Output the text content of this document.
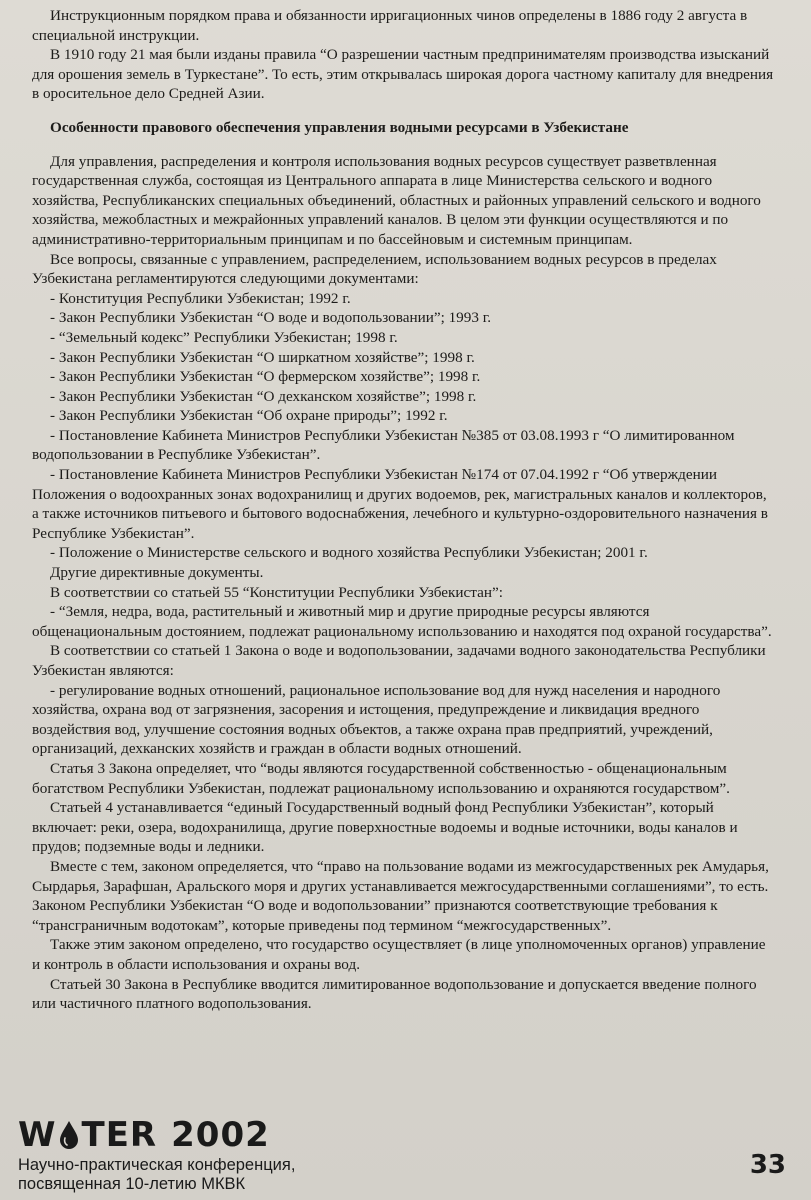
Инструкционным порядком права и обязанности ирригационных чинов определены в 1886 году 2 августа в специальной инструкции.

В 1910 году 21 мая были изданы правила “О разрешении частным предпринимателям производства изысканий для орошения земель в Туркестане”. То есть, этим открывалась широкая дорога частному капиталу для внедрения в оросительное дело Средней Азии.

Особенности правового обеспечения управления водными ресурсами в Узбекистане

Для управления, распределения и контроля использования водных ресурсов существует разветвленная государственная служба, состоящая из Центрального аппарата в лице Министерства сельского и водного хозяйства, Республиканских специальных объединений, областных и районных управлений сельского и водного хозяйства, межобластных и межрайонных управлений каналов. В целом эти функции осуществляются и по административно-территориальным принципам и по бассейновым и системным принципам.

Все вопросы, связанные с управлением, распределением, использованием водных ресурсов в пределах Узбекистана регламентируются следующими документами:

- Конституция Республики Узбекистан; 1992 г.

- Закон Республики Узбекистан “О воде и водопользовании”; 1993 г.

- “Земельный кодекс” Республики Узбекистан; 1998 г.

- Закон Республики Узбекистан “О ширкатном хозяйстве”; 1998 г.

- Закон Республики Узбекистан “О фермерском хозяйстве”; 1998 г.

- Закон Республики Узбекистан “О дехканском хозяйстве”; 1998 г.

- Закон Республики Узбекистан “Об охране природы”; 1992 г.

- Постановление Кабинета Министров Республики Узбекистан №385 от 03.08.1993 г “О лимитированном водопользовании в Республике Узбекистан”.

- Постановление Кабинета Министров Республики Узбекистан №174 от 07.04.1992 г “Об утверждении Положения о водоохранных зонах водохранилищ и других водоемов, рек, магистральных каналов и коллекторов, а также источников питьевого и бытового водоснабжения, лечебного и культурно-оздоровительного назначения в Республике Узбекистан”.

- Положение о Министерстве сельского и водного хозяйства Республики Узбекистан; 2001 г.

Другие директивные документы.

В соответствии со статьей 55 “Конституции Республики Узбекистан”:

- “Земля, недра, вода, растительный и животный мир и другие природные ресурсы являются общенациональным достоянием, подлежат рациональному использованию и находятся под охраной государства”.

В соответствии со статьей 1 Закона о воде и водопользовании, задачами водного законодательства Республики Узбекистан являются:

- регулирование водных отношений, рациональное использование вод для нужд населения и народного хозяйства, охрана вод от загрязнения, засорения и истощения, предупреждение и ликвидация вредного воздействия вод, улучшение состояния водных объектов, а также охрана прав предприятий, учреждений, организаций, дехканских хозяйств и граждан в области водных отношений.

Статья 3 Закона определяет, что “воды являются государственной собственностью - общенациональным богатством Республики Узбекистан, подлежат рациональному использованию и охраняются государством”.

Статьей 4 устанавливается “единый Государственный водный фонд Республики Узбекистан”, который включает: реки, озера, водохранилища, другие поверхностные водоемы и водные источники, воды каналов и прудов; подземные воды и ледники.

Вместе с тем, законом определяется, что “право на пользование водами из межгосударственных рек Амударья, Сырдарья, Зарафшан, Аральского моря и других устанавливается межгосударственными соглашениями”, то есть. Законом Республики Узбекистан “О воде и водопользовании” признаются соответствующие требования к “трансграничным водотокам”, которые приведены под термином “межгосударственных”.

Также этим законом определено, что государство осуществляет (в лице уполномоченных органов) управление и контроль в области использования и охраны вод.

Статьей 30 Закона в Республике вводится лимитированное водопользование и допускается введение полного или частичного платного водопользования.

W TER 2002
Научно-практическая конференция,
посвященная 10-летию МКВК
33
